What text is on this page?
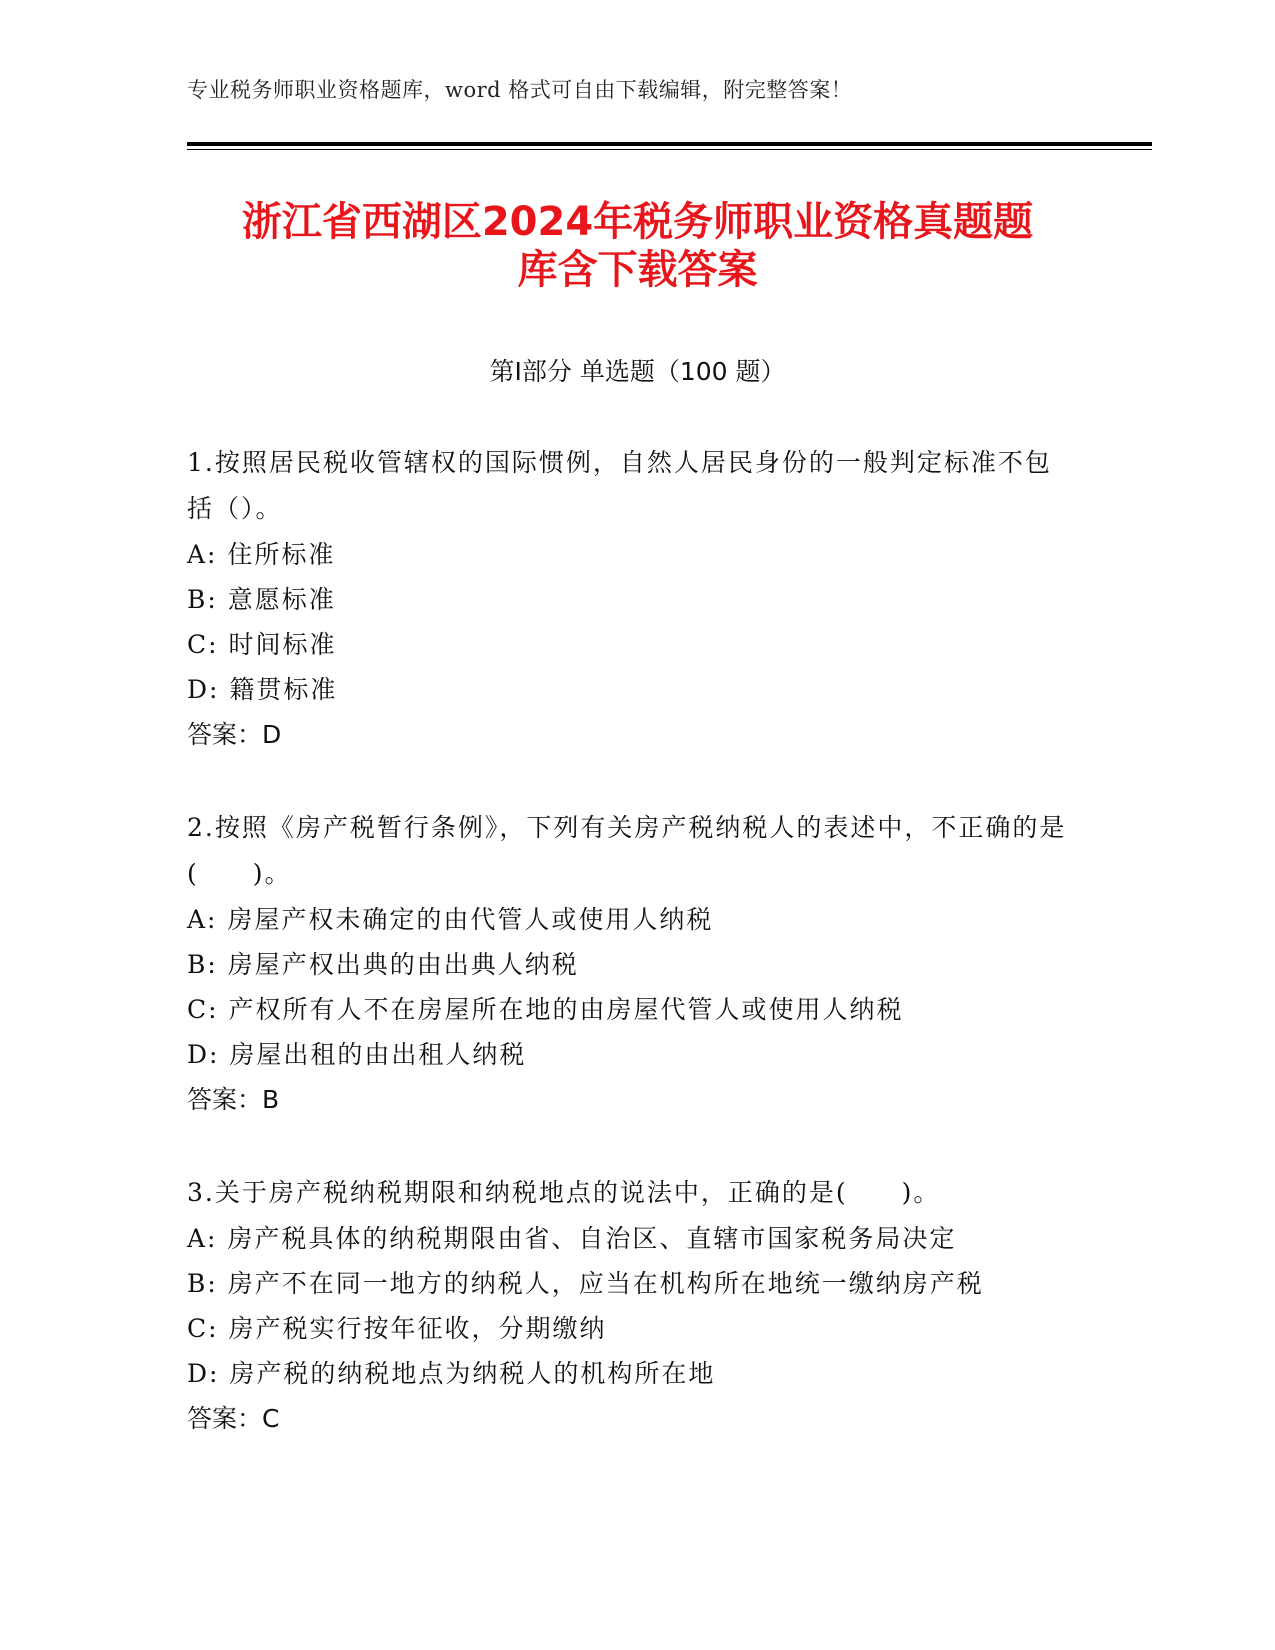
专业税务师职业资格题库，word 格式可自由下载编辑，附完整答案！
浙江省西湖区2024年税务师职业资格真题题
库含下载答案
第Ⅰ部分 单选题（100 题）

1.按照居民税收管辖权的国际惯例，自然人居民身份的一般判定标准不包括（）。

A: 住所标准

B: 意愿标准

C: 时间标准

D: 籍贯标准

答案：D

2.按照《房产税暂行条例》，下列有关房产税纳税人的表述中，不正确的是(　　)。

A: 房屋产权未确定的由代管人或使用人纳税

B: 房屋产权出典的由出典人纳税

C: 产权所有人不在房屋所在地的由房屋代管人或使用人纳税

D: 房屋出租的由出租人纳税

答案：B

3.关于房产税纳税期限和纳税地点的说法中，正确的是(　　)。

A: 房产税具体的纳税期限由省、自治区、直辖市国家税务局决定

B: 房产不在同一地方的纳税人，应当在机构所在地统一缴纳房产税

C: 房产税实行按年征收，分期缴纳

D: 房产税的纳税地点为纳税人的机构所在地

答案：C
